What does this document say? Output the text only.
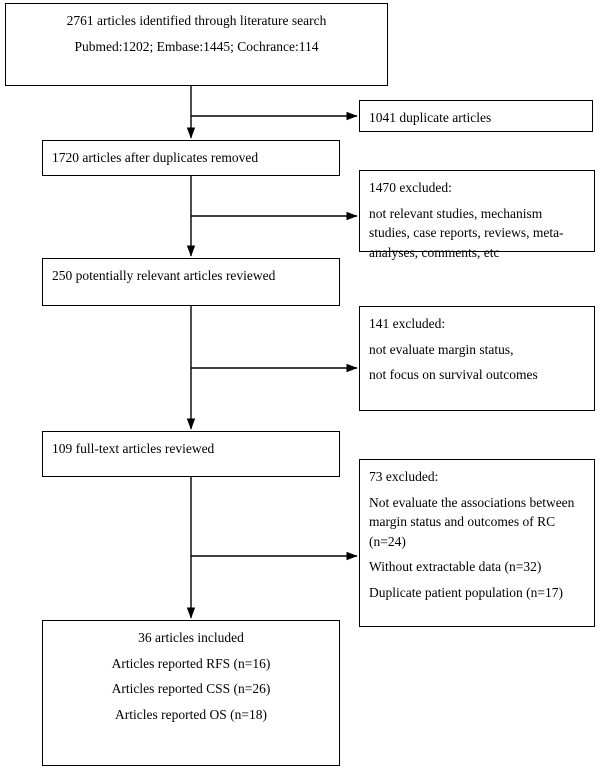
2761 articles identified through literature search

Pubmed:1202; Embase:1445; Cochrance:114

1041 duplicate articles

1720 articles after duplicates removed

1470 excluded:

not relevant studies, mechanism studies, case reports, reviews, meta-analyses, comments, etc

250 potentially relevant articles reviewed

141 excluded:

not evaluate margin status,

not focus on survival outcomes

109 full-text articles reviewed

73 excluded:

Not evaluate the associations between margin status and outcomes of RC (n=24)

Without extractable data (n=32)

Duplicate patient population (n=17)

36 articles included

Articles reported RFS (n=16)

Articles reported CSS (n=26)

Articles reported OS (n=18)
